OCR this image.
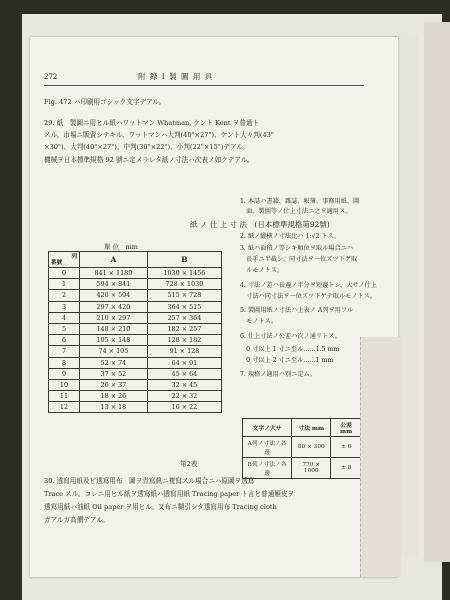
272	附 錄 I 製 圖 用 具
Fig. 472 ハ印刷用ゴシック文字デアル。
29. 紙　製圖ニ用ヒル紙ハワットマン Whatman, ケント Kent ヲ普通ト
スル。市場ニ販賣シテキル、ワットマンハ大判(40"×27")、ケント大々判(43"
×30")、大判(40"×27")、中判(30"×22")、小判(22"×15")デアル。
機械ヲ日本標準規格 92 號ニ定メラレタ紙ノ寸法ハ次表ノ如クデアル。
紙 ノ 仕 上 寸 法　(日本標準規格第92號)
單 位　mm
列
番號	A	B
0	841 × 1189	1030 × 1456
1	594 × 841	728 × 1030
2	420 × 594	515 × 728
3	297 × 420	364 × 515
4	210 × 297	257 × 364
5	148 × 210	182 × 257
6	105 × 148	128 × 182
7	74 × 105	91 × 128
8	52 × 74	64 × 91
9	37 × 52	45 × 64
10	26 × 37	32 × 45
11	18 × 26	22 × 32
12	13 × 18	16 × 22
1. 本誌ハ書籍、雜誌、帳簿、事務用紙、圖
　面、製圖等ノ仕上寸法ニ之ヲ適用ス。
2. 紙ノ縱横ノ寸法比ハ 1:√2 トス。
3. 紙ハ面積ノ等シキ順位ヲ取ル場合ニハ
　長手ニ半截シ、同寸法ヲ一位ズツ下ゲ取
　ルモノトス。
4. 寸法ノ差ハ長邊ノ半分ヲ短邊トシ、大サノ仕上
　寸法ハ同寸法ヲ一位ズツ下ゲテ取ルモノトス。
5. 製圖用紙ノ寸法ハ上表ノ A列ヲ用フル
　モノトス。
6. 仕上寸法ノ公差ハ次ノ通リトス。
　0 寸以上 1 寸ニ至ル……1.5 mm
　0 寸以上 2 寸ニ至ル……1 mm
7. 規格ノ適用ハ別ニ定ム。
文字ノ大サ	寸法 mm	公差 mm
A列ノ寸法ノ各邊	80 × 300	± 6
B列ノ寸法ノ各邊	770 × 1000	± 8
第2表
30. 透寫用紙及ビ透寫用布　圖ヲ青寫眞ニ複寫スル場合ニハ原圖ヲ透寫
Trace スル。コレニ用ヒル紙ヲ透寫紙ハ透寫用紙 Tracing paper ト言ヒ普通雁皮ヲ
透寫用紙ハ油紙 Oil paper ヲ用ヒル。又布ニ糊引シタ透寫用布 Tracing cloth
ガアルガ高價デアル。
